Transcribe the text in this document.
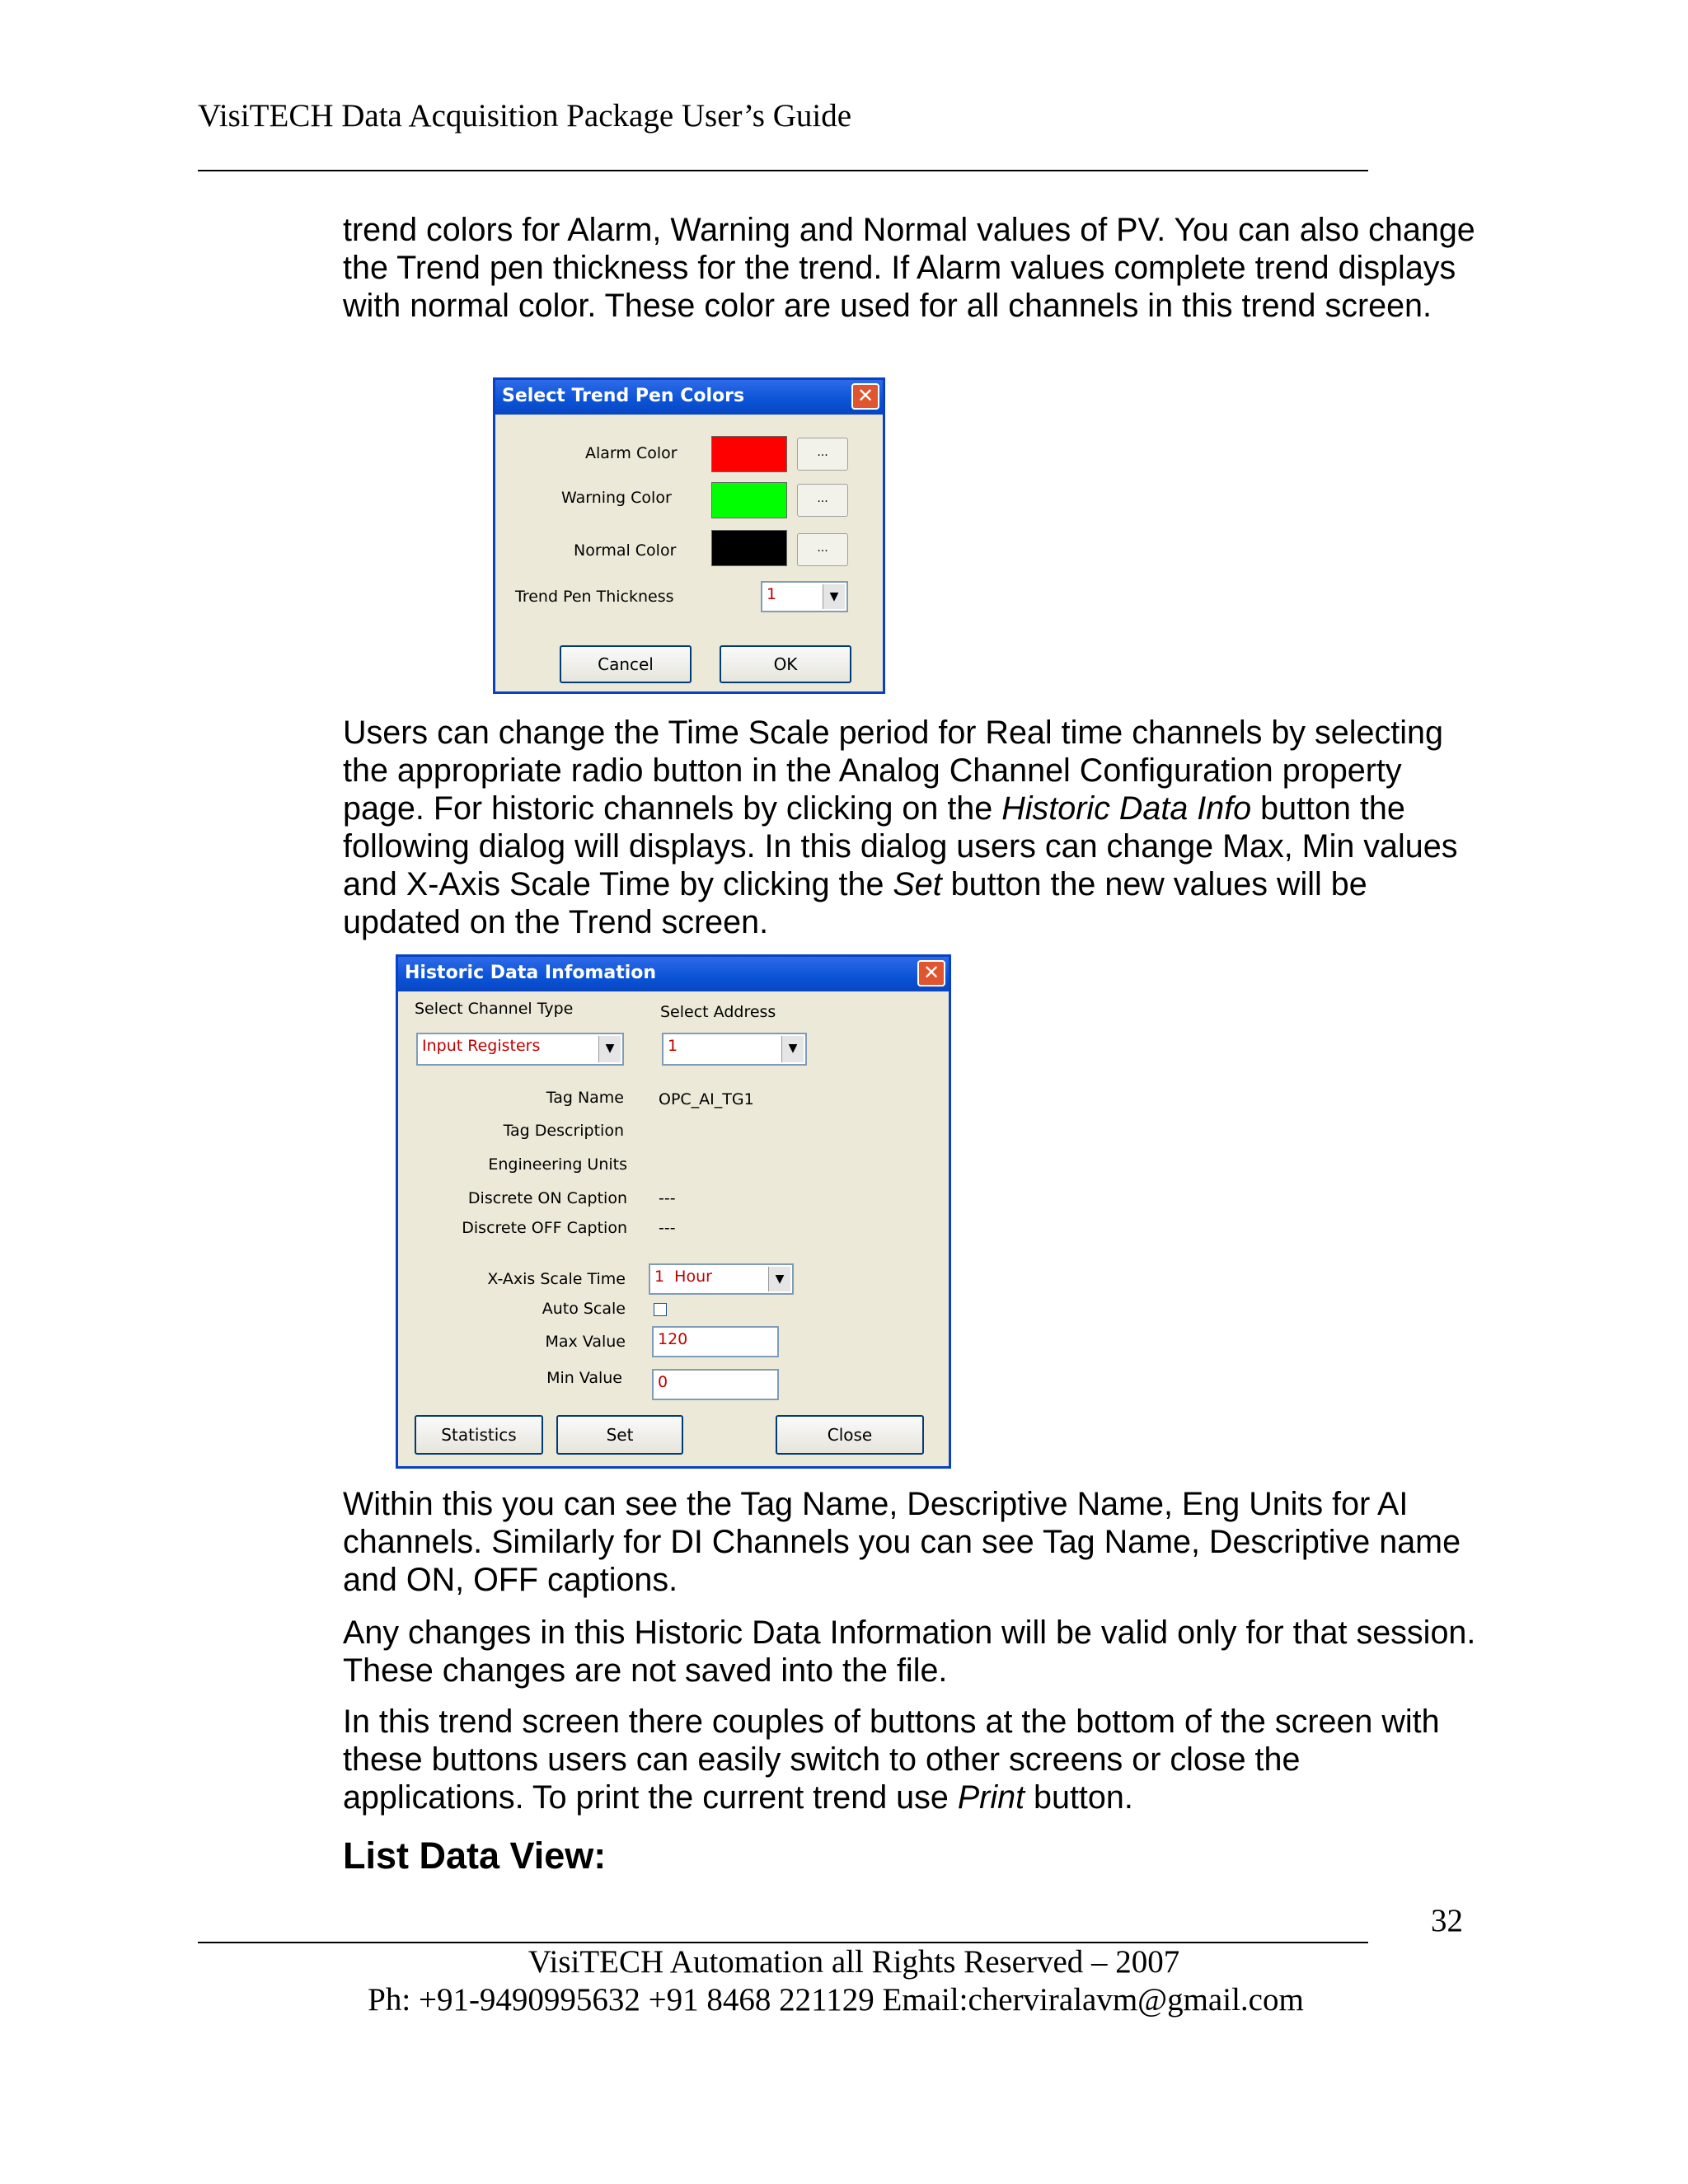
VisiTECH Data Acquisition Package User’s Guide

trend colors for Alarm, Warning and Normal values of PV. You can also change the Trend pen thickness for the trend. If Alarm values complete trend displays with normal color. These color are used for all channels in this trend screen.

Select Trend Pen Colors	✕
Alarm Color	...
Warning Color	...
Normal Color	...
Trend Pen Thickness	1	▼
Cancel	OK

Users can change the Time Scale period for Real time channels by selecting the appropriate radio button in the Analog Channel Configuration property page. For historic channels by clicking on the Historic Data Info button the following dialog will displays. In this dialog users can change Max, Min values and X-Axis Scale Time by clicking the Set button the new values will be updated on the Trend screen.

Historic Data Infomation	✕
Select Channel Type	Select Address
Input Registers	▼	1	▼
Tag Name OPC_AI_TG1
Tag Description
Engineering Units
Discrete ON Caption ---
Discrete OFF Caption ---
X-Axis Scale Time 1  Hour	▼
Auto Scale
Max Value	120
Min Value	0
Statistics	Set	Close

Within this you can see the Tag Name, Descriptive Name, Eng Units for AI channels. Similarly for DI Channels you can see Tag Name, Descriptive name and ON, OFF captions.

Any changes in this Historic Data Information will be valid only for that session. These changes are not saved into the file.

In this trend screen there couples of buttons at the bottom of the screen with these buttons users can easily switch to other screens or close the applications. To print the current trend use Print button.

List Data View:
32
VisiTECH Automation all Rights Reserved – 2007
Ph: +91-9490995632 +91 8468 221129 Email:cherviralavm@gmail.com
